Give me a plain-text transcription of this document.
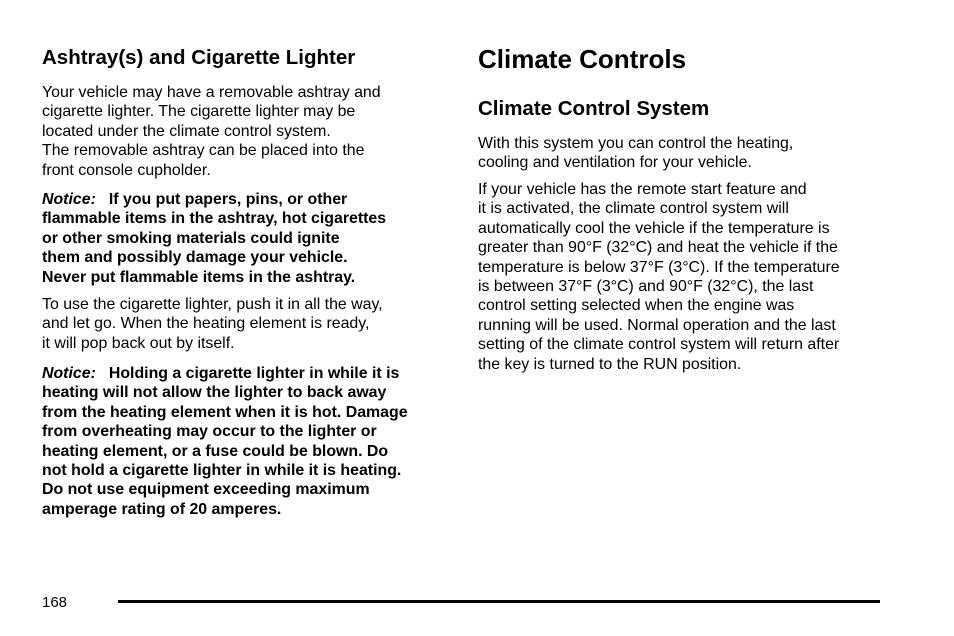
Ashtray(s) and Cigarette Lighter
Your vehicle may have a removable ashtray and
cigarette lighter. The cigarette lighter may be
located under the climate control system.
The removable ashtray can be placed into the
front console cupholder.
Notice: If you put papers, pins, or other
flammable items in the ashtray, hot cigarettes
or other smoking materials could ignite
them and possibly damage your vehicle.
Never put flammable items in the ashtray.
To use the cigarette lighter, push it in all the way,
and let go. When the heating element is ready,
it will pop back out by itself.
Notice: Holding a cigarette lighter in while it is
heating will not allow the lighter to back away
from the heating element when it is hot. Damage
from overheating may occur to the lighter or
heating element, or a fuse could be blown. Do
not hold a cigarette lighter in while it is heating.
Do not use equipment exceeding maximum
amperage rating of 20 amperes.
Climate Controls
Climate Control System
With this system you can control the heating,
cooling and ventilation for your vehicle.
If your vehicle has the remote start feature and
it is activated, the climate control system will
automatically cool the vehicle if the temperature is
greater than 90°F (32°C) and heat the vehicle if the
temperature is below 37°F (3°C). If the temperature
is between 37°F (3°C) and 90°F (32°C), the last
control setting selected when the engine was
running will be used. Normal operation and the last
setting of the climate control system will return after
the key is turned to the RUN position.
168
